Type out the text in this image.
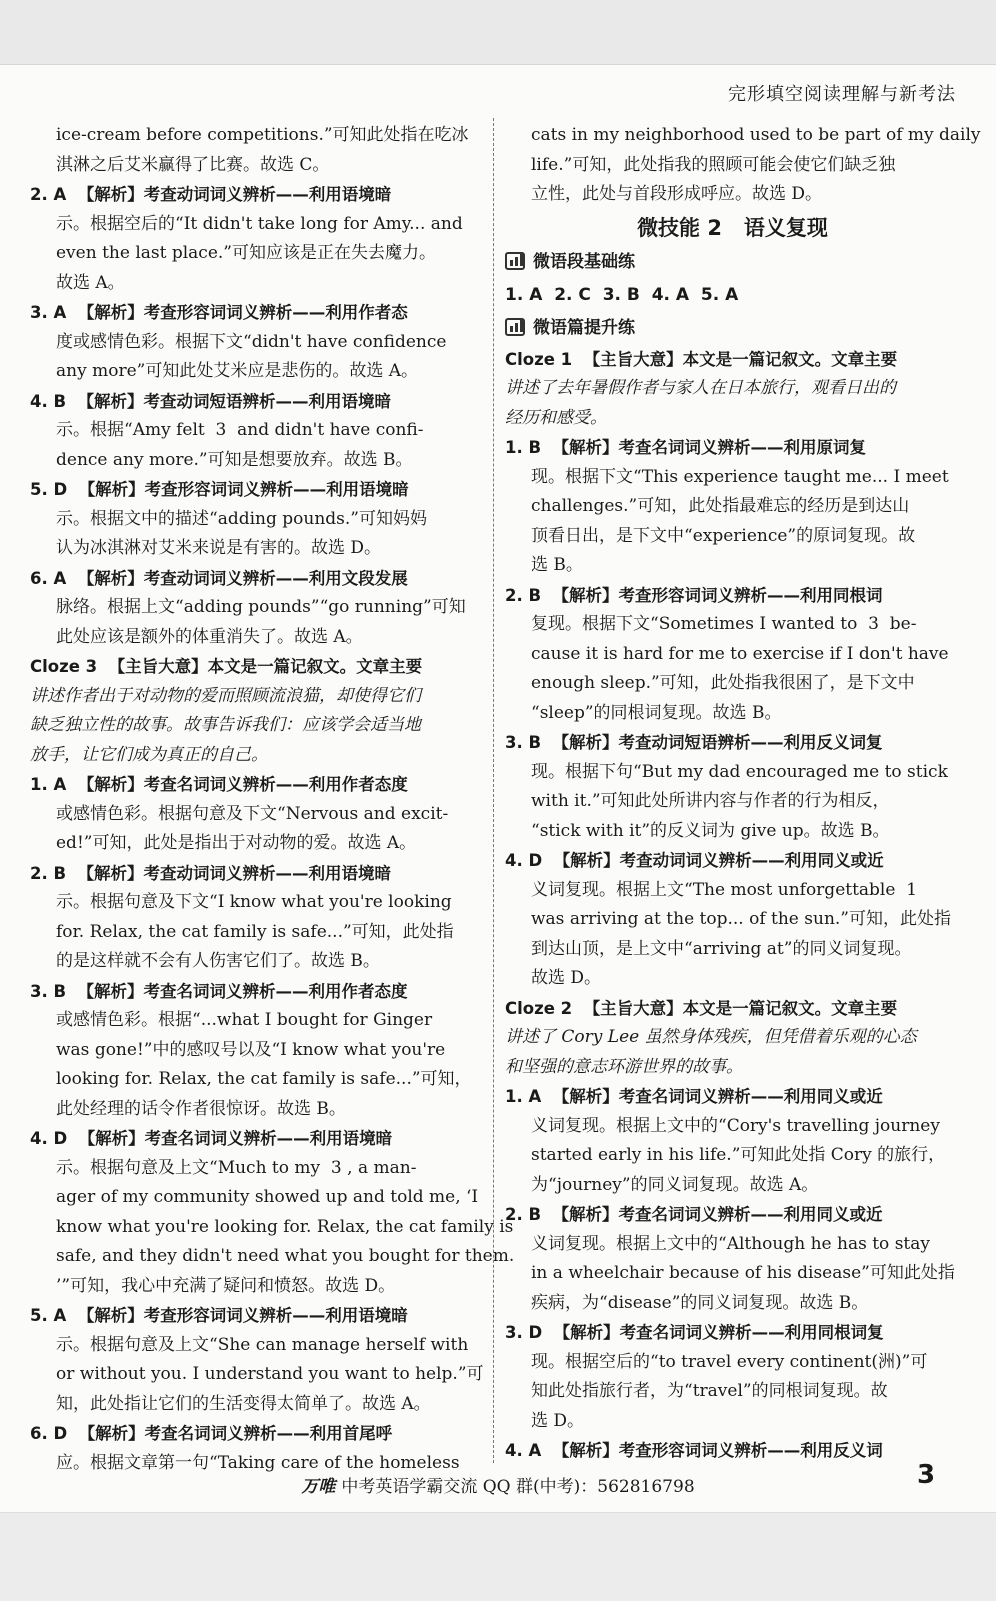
完形填空阅读理解与新考法
ice-cream before competitions.”可知此处指在吃冰
淇淋之后艾米赢得了比赛。故选 C。
2. A  【解析】考查动词词义辨析——利用语境暗
示。根据空后的“It didn't take long for Amy... and
even the last place.”可知应该是正在失去魔力。
故选 A。
3. A  【解析】考查形容词词义辨析——利用作者态
度或感情色彩。根据下文“didn't have confidence
any more”可知此处艾米应是悲伤的。故选 A。
4. B  【解析】考查动词短语辨析——利用语境暗
示。根据“Amy felt  3  and didn't have confi-
dence any more.”可知是想要放弃。故选 B。
5. D  【解析】考查形容词词义辨析——利用语境暗
示。根据文中的描述“adding pounds.”可知妈妈
认为冰淇淋对艾米来说是有害的。故选 D。
6. A  【解析】考查动词词义辨析——利用文段发展
脉络。根据上文“adding pounds”“go running”可知
此处应该是额外的体重消失了。故选 A。
Cloze 3  【主旨大意】本文是一篇记叙文。文章主要
讲述作者出于对动物的爱而照顾流浪猫，却使得它们
缺乏独立性的故事。故事告诉我们：应该学会适当地
放手，让它们成为真正的自己。
1. A  【解析】考查名词词义辨析——利用作者态度
或感情色彩。根据句意及下文“Nervous and excit-
ed!”可知，此处是指出于对动物的爱。故选 A。
2. B  【解析】考查动词词义辨析——利用语境暗
示。根据句意及下文“I know what you're looking
for. Relax, the cat family is safe...”可知，此处指
的是这样就不会有人伤害它们了。故选 B。
3. B  【解析】考查名词词义辨析——利用作者态度
或感情色彩。根据“...what I bought for Ginger
was gone!”中的感叹号以及“I know what you're
looking for. Relax, the cat family is safe...”可知，
此处经理的话令作者很惊讶。故选 B。
4. D  【解析】考查名词词义辨析——利用语境暗
示。根据句意及上文“Much to my  3 , a man-
ager of my community showed up and told me, ‘I
know what you're looking for. Relax, the cat family is
safe, and they didn't need what you bought for them.
’”可知，我心中充满了疑问和愤怒。故选 D。
5. A  【解析】考查形容词词义辨析——利用语境暗
示。根据句意及上文“She can manage herself with
or without you. I understand you want to help.”可
知，此处指让它们的生活变得太简单了。故选 A。
6. D  【解析】考查名词词义辨析——利用首尾呼
应。根据文章第一句“Taking care of the homeless
cats in my neighborhood used to be part of my daily
life.”可知，此处指我的照顾可能会使它们缺乏独
立性，此处与首段形成呼应。故选 D。
微技能 2   语义复现
微语段基础练
1. A  2. C  3. B  4. A  5. A
微语篇提升练
Cloze 1  【主旨大意】本文是一篇记叙文。文章主要
讲述了去年暑假作者与家人在日本旅行，观看日出的
经历和感受。
1. B  【解析】考查名词词义辨析——利用原词复
现。根据下文“This experience taught me... I meet
challenges.”可知，此处指最难忘的经历是到达山
顶看日出，是下文中“experience”的原词复现。故
选 B。
2. B  【解析】考查形容词词义辨析——利用同根词
复现。根据下文“Sometimes I wanted to  3  be-
cause it is hard for me to exercise if I don't have
enough sleep.”可知，此处指我很困了，是下文中
“sleep”的同根词复现。故选 B。
3. B  【解析】考查动词短语辨析——利用反义词复
现。根据下句“But my dad encouraged me to stick
with it.”可知此处所讲内容与作者的行为相反，
“stick with it”的反义词为 give up。故选 B。
4. D  【解析】考查动词词义辨析——利用同义或近
义词复现。根据上文“The most unforgettable  1
was arriving at the top... of the sun.”可知，此处指
到达山顶，是上文中“arriving at”的同义词复现。
故选 D。
Cloze 2  【主旨大意】本文是一篇记叙文。文章主要
讲述了 Cory Lee 虽然身体残疾，但凭借着乐观的心态
和坚强的意志环游世界的故事。
1. A  【解析】考查名词词义辨析——利用同义或近
义词复现。根据上文中的“Cory's travelling journey
started early in his life.”可知此处指 Cory 的旅行，
为“journey”的同义词复现。故选 A。
2. B  【解析】考查名词词义辨析——利用同义或近
义词复现。根据上文中的“Although he has to stay
in a wheelchair because of his disease”可知此处指
疾病，为“disease”的同义词复现。故选 B。
3. D  【解析】考查名词词义辨析——利用同根词复
现。根据空后的“to travel every continent(洲)”可
知此处指旅行者，为“travel”的同根词复现。故
选 D。
4. A  【解析】考查形容词词义辨析——利用反义词
万唯 中考英语学霸交流 QQ 群(中考)：562816798	3
